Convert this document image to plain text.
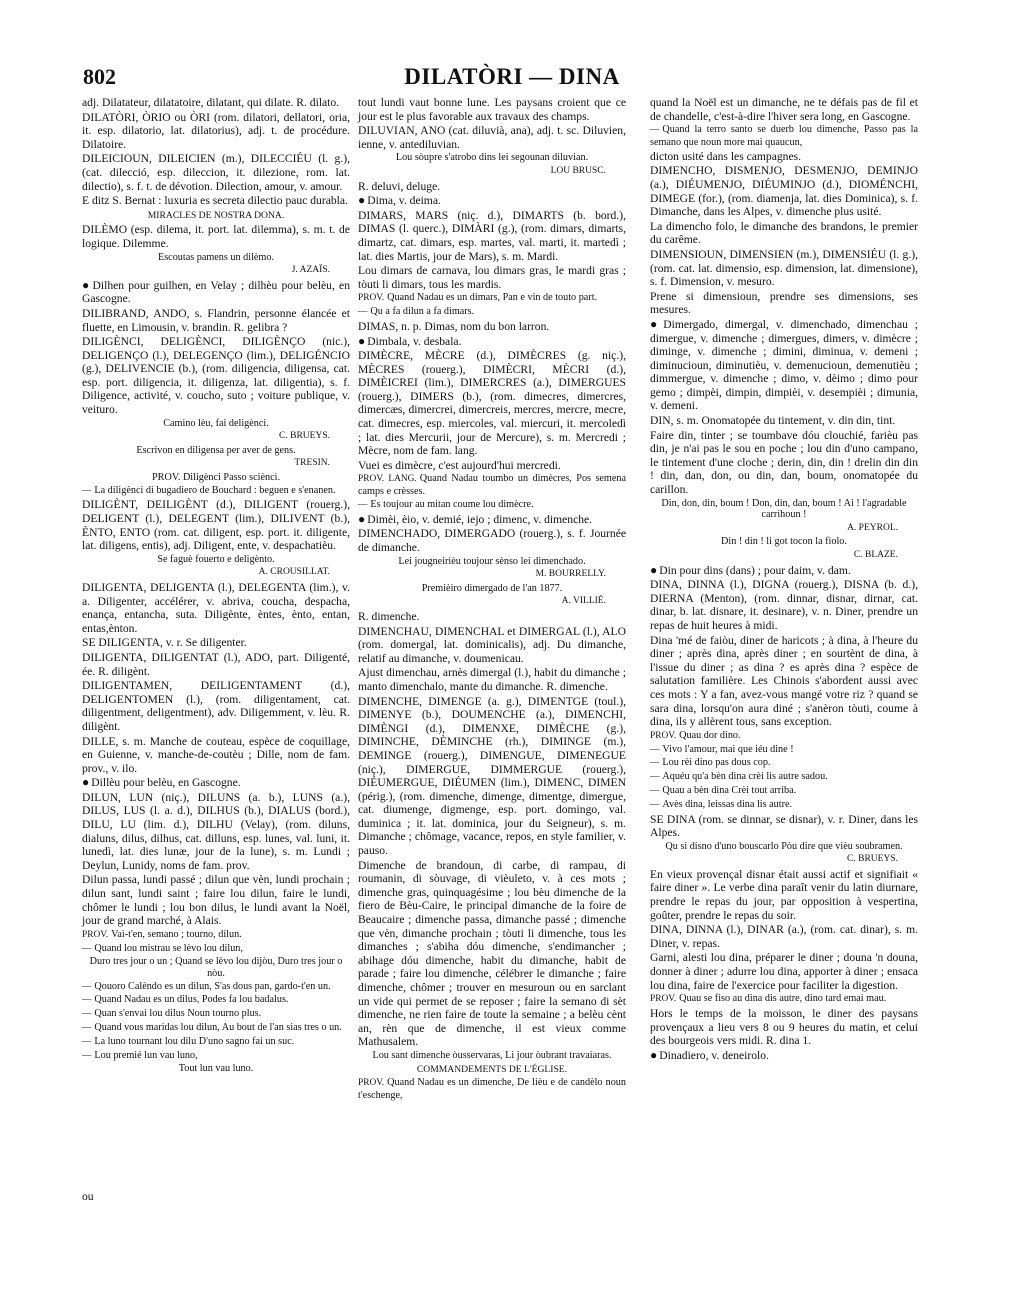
802	DILATÒRI — DINA
adj. Dilatateur, dilatatoire, dilatant, qui dilate. R. dilato.
DILATÒRI, ÒRIO ou ÒRI (rom. dilatori, dellatori, oria, it. esp. dilatorio, lat. dilatorius), adj. t. de procédure. Dilatoire.
DILEICIOUN, DILEICIEN (m.), DILECCIÉU (l. g.), (cat. dilecció, esp. dileccion, it. dilezione, rom. lat. dilectio), s. f. t. de dévotion. Dilection, amour, v. amour.
E ditz S. Bernat : luxuria es secreta dilectio pauc durabla.
MIRACLES DE NOSTRA DONA.
DILÈMO (esp. dilema, it. port. lat. dilemma), s. m. t. de logique. Dilemme.
Escoutas pamens un dilèmo.
J. AZAÏS.
● Dilhen pour guilhen, en Velay ; dilhèu pour belèu, en Gascogne.
DILIBRAND, ANDO, s. Flandrin, personne élancée et fluette, en Limousin, v. brandin. R. gelibra ?
DILIGÈNCI, DELIGÈNCI, DILIGÈNÇO (nic.), DELIGENÇO (l.), DELEGENÇO (lim.), DELIGÉNCIO (g.), DELIVENCIE (b.), (rom. diligencia, diligensa, cat. esp. port. diligencia, it. diligenza, lat. diligentia), s. f. Diligence, activité, v. coucho, suto ; voiture publique, v. veituro.
Camino lèu, fai deligènci.
C. BRUEYS.
Escrivon en diligensa per aver de gens.
TRESIN.
PROV. Diligènci Passo sciènci.
— La diligènci di bugadiero de Bouchard : beguen e s'enanen.
DILIGÈNT, DEILIGÈNT (d.), DILIGENT (rouerg.), DELIGENT (l.), DELEGENT (lim.), DILIVENT (b.), ÈNTO, ENTO (rom. cat. diligent, esp. port. it. diligente, lat. diligens, entis), adj. Diligent, ente, v. despachatièu.
Se faguè fouerto e deligènto.
A. CROUSILLAT.
DILIGENTA, DELIGENTA (l.), DELEGENTA (lim.), v. a. Diligenter, accélérer, v. abriva, coucha, despacha, enança, entancha, suta. Diligènte, èntes, ènto, entan, entas,ènton.
SE DILIGENTA, v. r. Se diligenter.
DILIGENTA, DILIGENTAT (l.), ADO, part. Diligenté, ée. R. diligènt.
DILIGENTAMEN, DEILIGENTAMENT (d.), DELIGENTOMEN (l.), (rom. diligentament, cat. diligentment, deligentment), adv. Diligemment, v. lèu. R. diligènt.
DILLE, s. m. Manche de couteau, espèce de coquillage, en Guienne, v. manche-de-coutèu ; Dille, nom de fam. prov., v. ilo.
● Dillèu pour belèu, en Gascogne.
DILUN, LUN (niç.), DILUNS (a. b.), LUNS (a.), DILUS, LUS (l. a. d.), DILHUS (b.), DIALUS (bord.), DILU, LU (lim. d.), DILHU (Velay), (rom. diluns, dialuns, dilus, dilhus, cat. dilluns, esp. lunes, val. luni, it. lunedì, lat. dies lunæ, jour de la lune), s. m. Lundi ; Deylun, Lunidy, noms de fam. prov.
Dilun passa, lundi passé ; dilun que vèn, lundi prochain ; dilun sant, lundi saint ; faire lou dilun, faire le lundi, chômer le lundi ; lou bon dilus, le lundi avant la Noël, jour de grand marché, à Alais.
PROV. Vai-t'en, semano ; tourno, dilun.
— Quand lou mistrau se lèvo lou dilun,
Duro tres jour o un ; Quand se lèvo lou dijòu, Duro tres jour o nòu.
— Qouoro Calèndo es un dilun, S'as dous pan, gardo-t'en un.
— Quand Nadau es un dilus, Podes fa lou badalus.
— Quan s'envai lou dilus Noun tourno plus.
— Quand vous maridas lou dilun, Au bout de l'an sias tres o un.
— La luno tournant lou dilu D'uno sagno fai un suc.
— Lou premié lun vau luno,
Tout lun vau luno.
tout lundi vaut bonne lune. Les paysans croient que ce jour est le plus favorable aux travaux des champs.
DILUVIAN, ANO (cat. diluvià, ana), adj. t. sc. Diluvien, ienne, v. antediluvian.
Lou sòupre s'atrobo dins lei segounan diluvian.
LOU BRUSC.
R. deluvi, deluge.
● Dima, v. deima.
DIMARS, MARS (niç. d.), DIMARTS (b. bord.), DIMAS (l. querc.), DIMÀRI (g.), (rom. dimars, dimarts, dimartz, cat. dimars, esp. martes, val. marti, it. martedì ; lat. dies Martis, jour de Mars), s. m. Mardi.
Lou dimars de carnava, lou dimars gras, le mardi gras ; tòuti li dimars, tous les mardis.
PROV. Quand Nadau es un dimars, Pan e vin de touto part.
— Qu a fa dilun a fa dimars.
DIMAS, n. p. Dimas, nom du bon larron.
● Dimbala, v. desbala.
DIMÈCRE, MÈCRE (d.), DIMÈCRES (g. niç.), MÈCRES (rouerg.), DIMÈCRI, MÈCRI (d.), DIMÈICREI (lim.), DIMERCRES (a.), DIMERGUES (rouerg.), DIMERS (b.), (rom. dimecres, dimercres, dimercæs, dimercrei, dimercreis, mercres, mercre, mecre, cat. dimecres, esp. miercoles, val. miercuri, it. mercoledì ; lat. dies Mercurii, jour de Mercure), s. m. Mercredi ; Mècre, nom de fam. lang.
Vuei es dimècre, c'est aujourd'hui mercredi.
PROV. LANG. Quand Nadau toumbo un dimècres, Pos semena camps e crèsses.
— Es toujour au mitan coume lou dimècre.
● Dimèi, èio, v. demié, iejo ; dimenc, v. dimenche.
DIMENCHADO, DIMERGADO (rouerg.), s. f. Journée de dimanche.
Lei jougneirièu toujour sènso lei dimenchado.
M. BOURRELLY.
Premièiro dimergado de l'an 1877.
A. VILLIÉ.
R. dimenche.
DIMENCHAU, DIMENCHAL et DIMERGAL (l.), ALO (rom. domergal, lat. dominicalis), adj. Du dimanche, relatif au dimanche, v. doumenicau.
Ajust dimenchau, arnès dimergal (l.), habit du dimanche ; manto dimenchalo, mante du dimanche. R. dimenche.
DIMENCHE, DIMENGE (a. g.), DIMENTGE (toul.), DIMENYE (b.), DOUMENCHE (a.), DIMENCHI, DIMÈNGI (d.), DIMENXE, DIMÈCHE (g.), DIMINCHE, DÈMINCHE (rh.), DIMINGE (m.), DEMINGE (rouerg.), DIMENGUE, DIMENEGUE (niç.), DIMERGUE, DIMMERGUE (rouerg.), DIÉUMERGUE, DIÉUMEN (lim.), DIMENC, DIMEN (périg.), (rom. dimenche, dimenge, dimentge, dimergue, cat. diumenge, digmenge, esp. port. domingo, val. duminica ; it. lat. dominica, jour du Seigneur), s. m. Dimanche ; chômage, vacance, repos, en style familier, v. pauso.
Dimenche de brandoun, di carbe, di rampau, di roumanin, di sòuvage, di vièuleto, v. à ces mots ; dimenche gras, quinquagésime ; lou bèu dimenche de la fiero de Bèu-Caire, le principal dimanche de la foire de Beaucaire ; dimenche passa, dimanche passé ; dimenche que vèn, dimanche prochain ; tòuti li dimenche, tous les dimanches ; s'abiha dóu dimenche, s'endimancher ; abihage dóu dimenche, habit du dimanche, habit de parade ; faire lou dimenche, célébrer le dimanche ; faire dimenche, chômer ; trouver en mesuroun ou en sarclant un vide qui permet de se reposer ; faire la semano di sèt dimenche, ne rien faire de toute la semaine ; a belèu cènt an, rèn que de dimenche, il est vieux comme Mathusalem.
Lou sant dimenche òusservaras, Li jour òubrant travaiaras.
COMMANDEMENTS DE L'ÉGLISE.
PROV. Quand Nadau es un dimenche, De lièu e de candèlo noun t'eschenge,
quand la Noël est un dimanche, ne te défais pas de fil et de chandelle, c'est-à-dire l'hiver sera long, en Gascogne.
— Quand la terro santo se duerb lou dimenche, Passo pas la semano que noun more mai quaucun,
dicton usité dans les campagnes.
DIMENCHO, DISMENJO, DESMENJO, DEMINJO (a.), DIÉUMENJO, DIÉUMINJO (d.), DIOMÉNCHI, DIMEGE (for.), (rom. diamenja, lat. dies Dominica), s. f. Dimanche, dans les Alpes, v. dimenche plus usité.
La dimencho folo, le dimanche des brandons, le premier du carême.
DIMENSIOUN, DIMENSIEN (m.), DIMENSIÉU (l. g.), (rom. cat. lat. dimensio, esp. dimension, lat. dimensione), s. f. Dimension, v. mesuro.
Prene si dimensioun, prendre ses dimensions, ses mesures.
● Dimergado, dimergal, v. dimenchado, dimenchau ; dimergue, v. dimenche ; dimergues, dimers, v. dimècre ; diminge, v. dimenche ; dimini, diminua, v. demeni ; diminucioun, diminutièu, v. demenucioun, demenutièu ; dimmergue, v. dimenche ; dimo, v. dèimo ; dimo pour gemo ; dimpèi, dimpin, dimpièi, v. desempièi ; dimunia, v. demeni.
DIN, s. m. Onomatopée du tintement, v. din din, tint.
Faire din, tinter ; se toumbave dóu clouchié, farièu pas din, je n'ai pas le sou en poche ; lou din d'uno campano, le tintement d'une cloche ; derin, din, din ! drelin din din ! din, dan, don, ou din, dan, boum, onomatopée du carillon.
Din, don, din, boum ! Don, din, dan, boum ! Ai ! l'agradable carrihoun !
A. PEYROL.
Din ! din ! li got tocon la fiolo.
C. BLAZE.
● Din pour dins (dans) ; pour daim, v. dam.
DINA, DINNA (l.), DIGNA (rouerg.), DISNA (b. d.), DIERNA (Menton), (rom. dinnar, disnar, dirnar, cat. dinar, b. lat. disnare, it. desinare), v. n. Diner, prendre un repas de huit heures à midi.
Dina 'mé de faiòu, diner de haricots ; à dina, à l'heure du diner ; après dina, après diner ; en sourtènt de dina, à l'issue du diner ; as dina ? es après dina ? espèce de salutation familière. Les Chinois s'abordent aussi avec ces mots : Y a fan, avez-vous mangé votre riz ? quand se sara dina, lorsqu'on aura diné ; s'anèron tòuti, coume à dina, ils y allèrent tous, sans exception.
PROV. Quau dor dino.
— Vivo l'amour, mai que iéu dine !
— Lou rèi dino pas dous cop.
— Aquéu qu'a bèn dina crèi lis autre sadou.
— Quau a bèn dina Crèi tout arriba.
— Avès dina, leissas dina lis autre.
SE DINA (rom. se dinnar, se disnar), v. r. Diner, dans les Alpes.
Qu si disno d'uno bouscarlo Pòu dire que vièu soubramen.
C. BRUEYS.
En vieux provençal disnar était aussi actif et signifiait « faire diner ». Le verbe dina paraît venir du latin diurnare, prendre le repas du jour, par opposition à vespertina, goûter, prendre le repas du soir.
DINA, DINNA (l.), DINAR (a.), (rom. cat. dinar), s. m. Diner, v. repas.
Garni, alesti lou dina, préparer le diner ; douna 'n douna, donner à diner ; adurre lou dina, apporter à diner ; ensaca lou dina, faire de l'exercice pour faciliter la digestion.
PROV. Quau se fiso au dina dis autre, dino tard emai mau.
Hors le temps de la moisson, le diner des paysans provençaux a lieu vers 8 ou 9 heures du matin, et celui des bourgeois vers midi. R. dina 1.
● Dinadiero, v. deneirolo.
ou
